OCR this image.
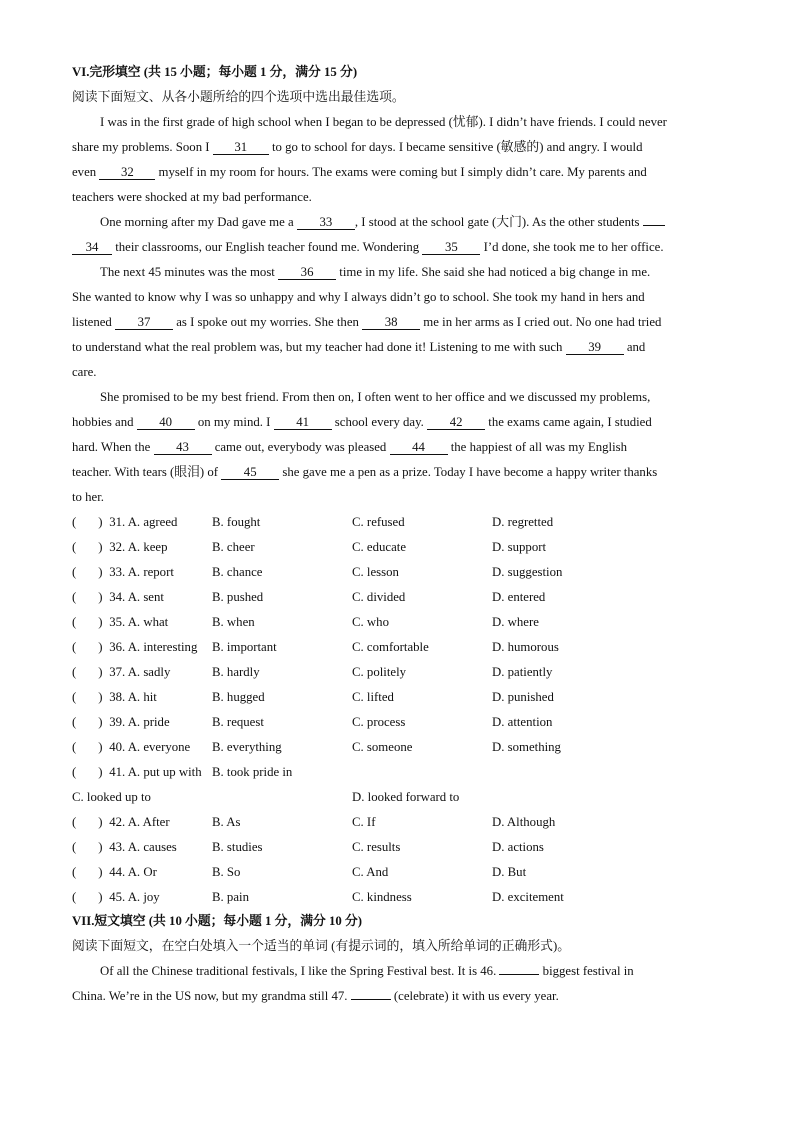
VI.完形填空 (共 15 小题；每小题 1 分，满分 15 分)
阅读下面短文、从各小题所给的四个选项中选出最佳选项。
I was in the first grade of high school when I began to be depressed (忧郁). I didn’t have friends. I could never
share my problems. Soon I 31 to go to school for days. I became sensitive (敏感的) and angry. I would
even 32 myself in my room for hours. The exams were coming but I simply didn’t care. My parents and
teachers were shocked at my bad performance.
One morning after my Dad gave me a 33 , I stood at the school gate (大门). As the other students
34 their classrooms, our English teacher found me. Wondering 35 I’d done, she took me to her office.
The next 45 minutes was the most 36 time in my life. She said she had noticed a big change in me.
She wanted to know why I was so unhappy and why I always didn’t go to school. She took my hand in hers and
listened 37 as I spoke out my worries. She then 38 me in her arms as I cried out. No one had tried
to understand what the real problem was, but my teacher had done it! Listening to me with such 39 and
care.
She promised to be my best friend. From then on, I often went to her office and we discussed my problems,
hobbies and 40 on my mind. I 41 school every day. 42 the exams came again, I studied
hard. When the 43 came out, everybody was pleased 44 the happiest of all was my English
teacher. With tears (眼泪) of 45 she gave me a pen as a prize. Today I have become a happy writer thanks
to her.
( ) 31. A. agreed	B. fought	C. refused	D. regretted
( ) 32. A. keep	B. cheer	C. educate	D. support
( ) 33. A. report	B. chance	C. lesson	D. suggestion
( ) 34. A. sent	B. pushed	C. divided	D. entered
( ) 35. A. what	B. when	C. who	D. where
( ) 36. A. interesting B. important	C. comfortable	D. humorous
( ) 37. A. sadly	B. hardly	C. politely	D. patiently
( ) 38. A. hit	B. hugged	C. lifted	D. punished
( ) 39. A. pride	B. request	C. process	D. attention
( ) 40. A. everyone B. everything	C. someone	D. something
( ) 41. A. put up with B. took pride in
C. looked up to	D. looked forward to
( ) 42. A. After	B. As	C. If	D. Although
( ) 43. A. causes	B. studies	C. results	D. actions
( ) 44. A. Or	B. So	C. And	D. But
( ) 45. A. joy	B. pain	C. kindness	D. excitement
VII.短文填空 (共 10 小题；每小题 1 分，满分 10 分)
阅读下面短文，在空白处填入一个适当的单词 (有提示词的，填入所给单词的正确形式)。
Of all the Chinese traditional festivals, I like the Spring Festival best. It is 46.	biggest festival in
China. We’re in the US now, but my grandma still 47.	(celebrate) it with us every year.
